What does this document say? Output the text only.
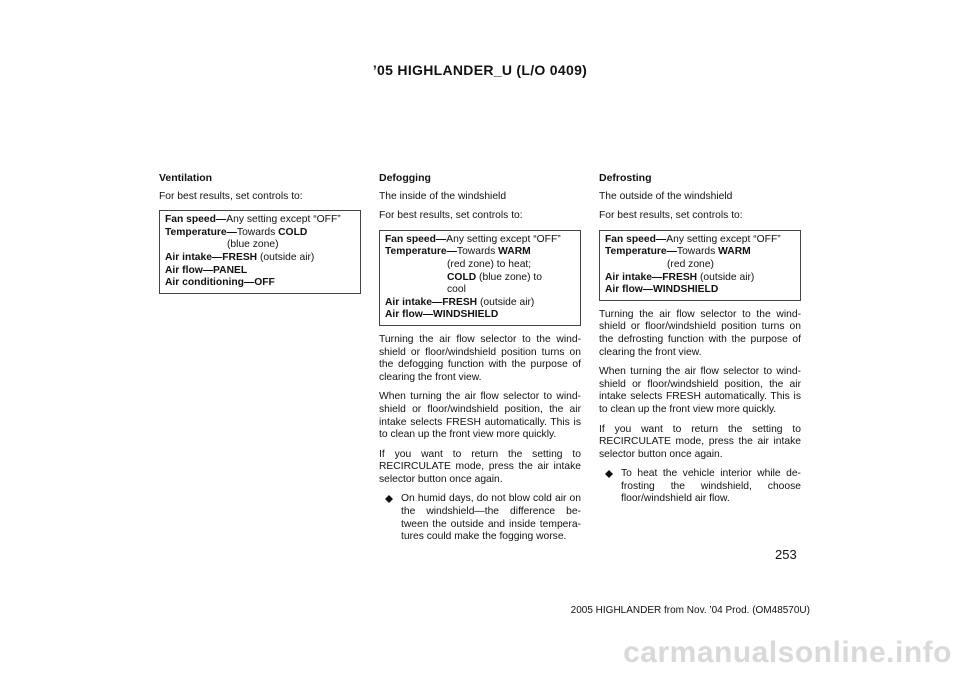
’05 HIGHLANDER_U (L/O 0409)
Ventilation
For best results, set controls to:
Fan speed—Any setting except “OFF”
Temperature—Towards COLD
(blue zone)
Air intake—FRESH (outside air)
Air flow—PANEL
Air conditioning—OFF
Defogging
The inside of the windshield
For best results, set controls to:
Fan speed—Any setting except “OFF”
Temperature—Towards WARM
(red zone) to heat;
COLD (blue zone) to
cool
Air intake—FRESH (outside air)
Air flow—WINDSHIELD
Turning the air flow selector to the wind- shield or floor/windshield position turns on the defogging function with the purpose of clearing the front view.
When turning the air flow selector to wind- shield or floor/windshield position, the air intake selects FRESH automatically. This is to clean up the front view more quickly.
If you want to return the setting to RECIRCULATE mode, press the air intake selector button once again.
On humid days, do not blow cold air on the windshield—the difference be- tween the outside and inside tempera- tures could make the fogging worse.
Defrosting
The outside of the windshield
For best results, set controls to:
Fan speed—Any setting except “OFF”
Temperature—Towards WARM
(red zone)
Air intake—FRESH (outside air)
Air flow—WINDSHIELD
Turning the air flow selector to the wind- shield or floor/windshield position turns on the defrosting function with the purpose of clearing the front view.
When turning the air flow selector to wind- shield or floor/windshield position, the air intake selects FRESH automatically. This is to clean up the front view more quickly.
If you want to return the setting to RECIRCULATE mode, press the air intake selector button once again.
To heat the vehicle interior while de- frosting the windshield, choose floor/windshield air flow.
253
2005 HIGHLANDER from Nov. ’04 Prod. (OM48570U)
carmanualsonline.info
